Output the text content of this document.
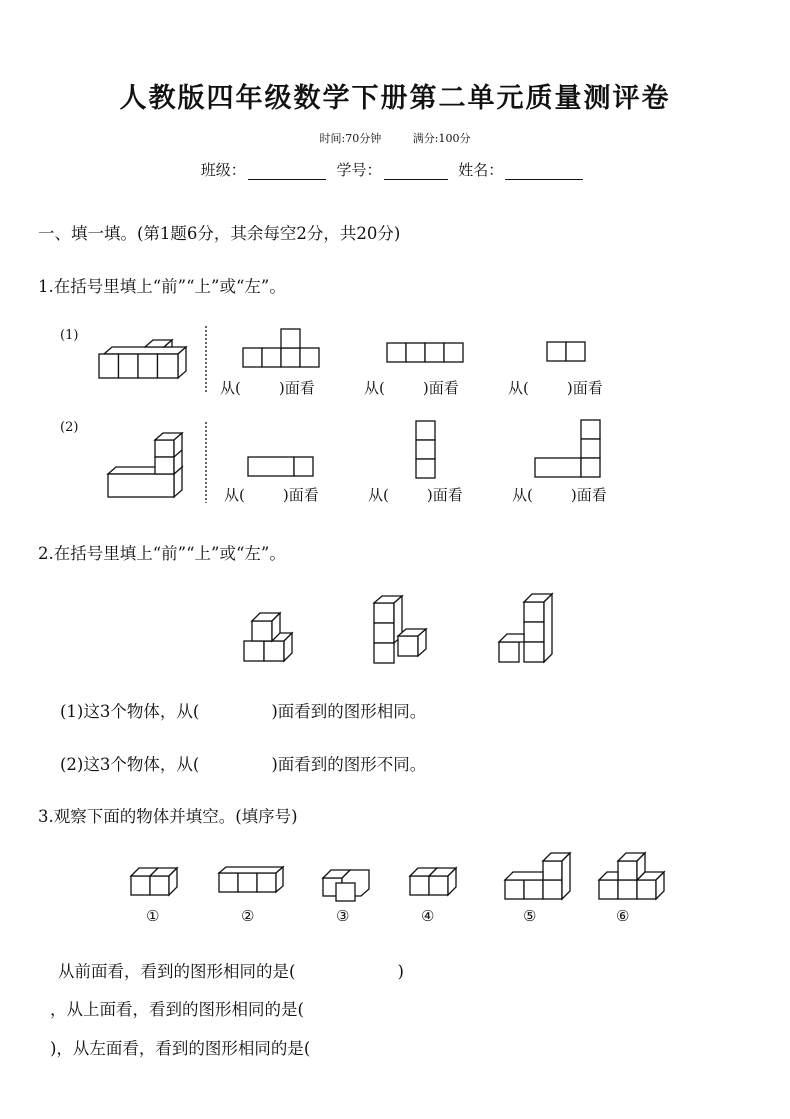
人教版四年级数学下册第二单元质量测评卷
时间:70分钟	满分:100分
班级：	学号：	姓名：
一、填一填。(第1题6分，其余每空2分，共20分)
1.在括号里填上“前”“上”或“左”。
(1)
(2)
从(	)面看	从(	)面看	从(	)面看
从(	)面看	从(	)面看	从(	)面看
2.在括号里填上“前”“上”或“左”。
(1)这3个物体，从(	)面看到的图形相同。
(2)这3个物体，从(	)面看到的图形不同。
3.观察下面的物体并填空。(填序号)
①	②	③	④	⑤	⑥
从前面看，看到的图形相同的是(	)
，从上面看，看到的图形相同的是(
)，从左面看，看到的图形相同的是(
